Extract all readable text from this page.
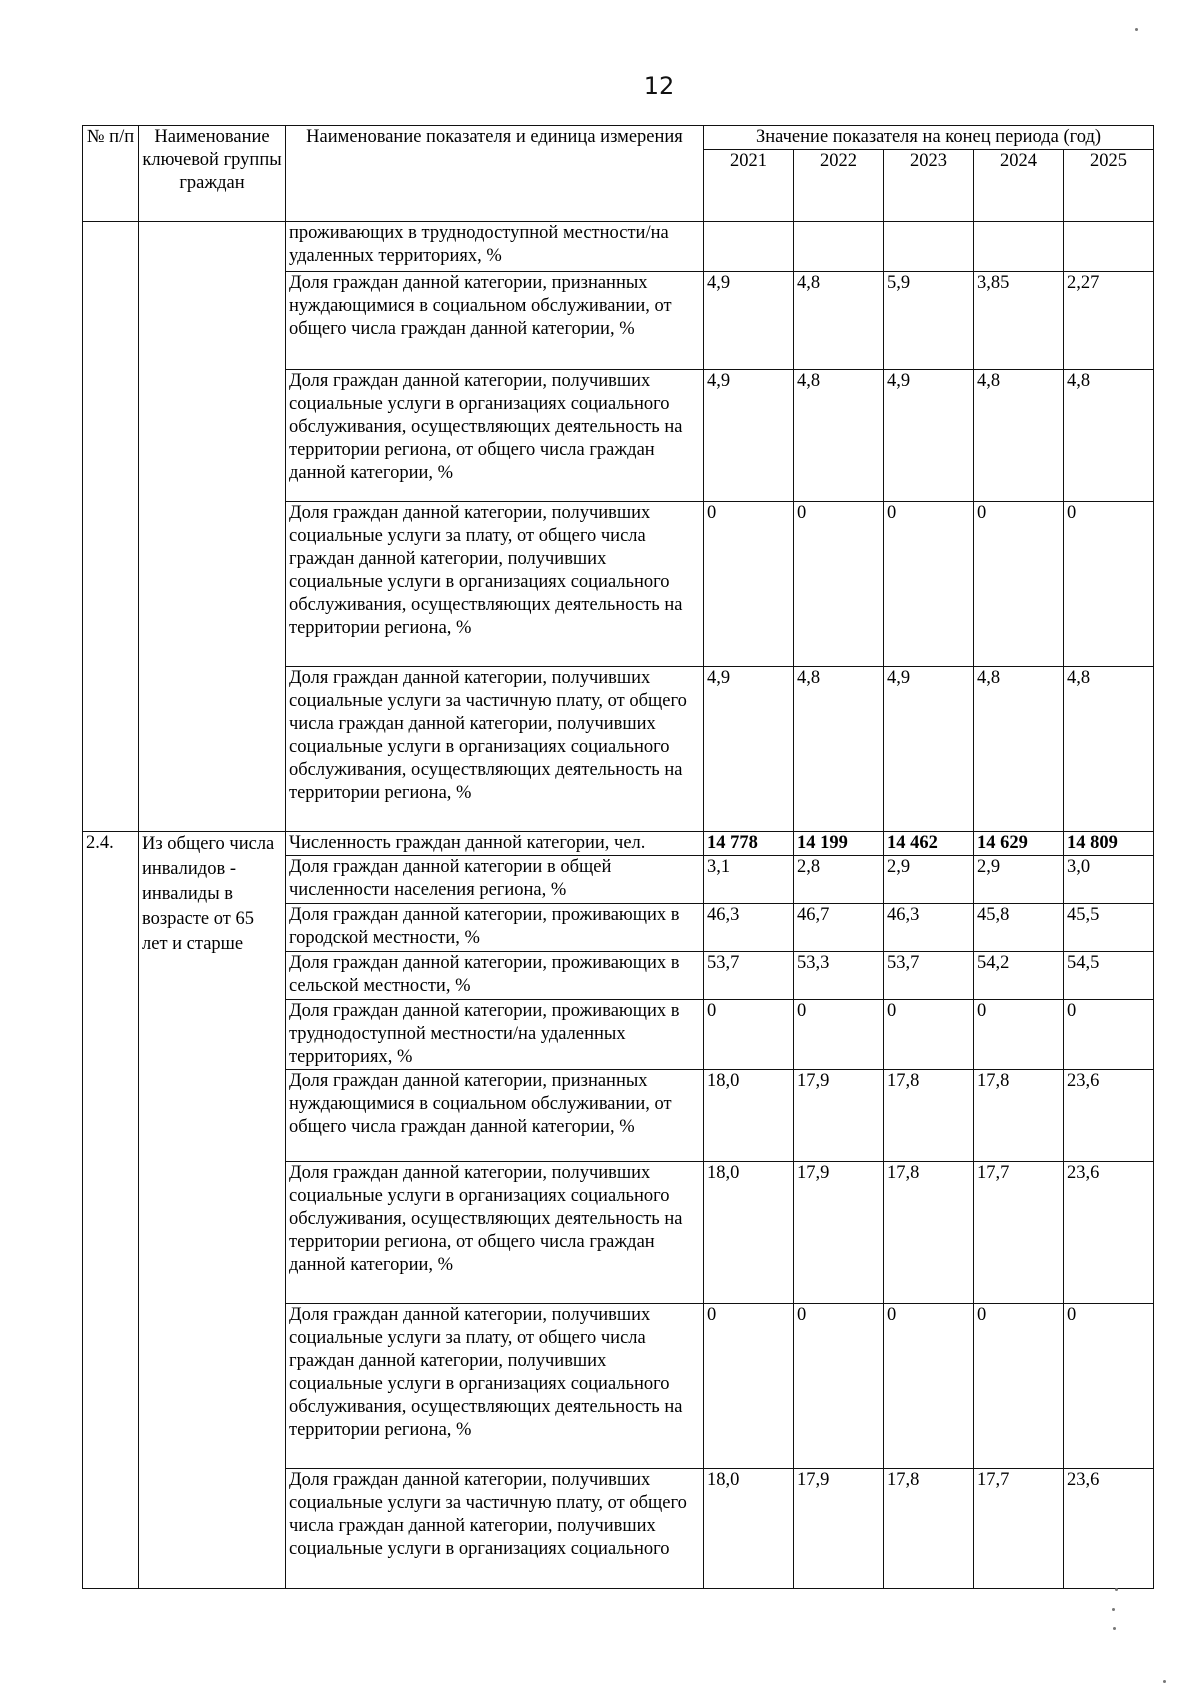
12
№ п/п	Наименование ключевой группы граждан	Наименование показателя и единица измерения	Значение показателя на конец периода (год)				
			2021	2022	2023	2024	2025
		проживающих в труднодоступной местности/на удаленных территориях, %					
		Доля граждан данной категории, признанных нуждающимися в социальном обслуживании, от общего числа граждан данной категории, %	4,9	4,8	5,9	3,85	2,27
		Доля граждан данной категории, получивших социальные услуги в организациях социального обслуживания, осуществляющих деятельность на территории региона, от общего числа граждан данной категории, %	4,9	4,8	4,9	4,8	4,8
		Доля граждан данной категории, получивших социальные услуги за плату, от общего числа граждан данной категории, получивших социальные услуги в организациях социального обслуживания, осуществляющих деятельность на территории региона, %	0	0	0	0	0
		Доля граждан данной категории, получивших социальные услуги за частичную плату, от общего числа граждан данной категории, получивших социальные услуги в организациях социального обслуживания, осуществляющих деятельность на территории региона, %	4,9	4,8	4,9	4,8	4,8
2.4.	Из общего числа инвалидов - инвалиды в возрасте от 65 лет и старше	Численность граждан данной категории, чел.	14 778	14 199	14 462	14 629	14 809
		Доля граждан данной категории в общей численности населения региона, %	3,1	2,8	2,9	2,9	3,0
		Доля граждан данной категории, проживающих в городской местности, %	46,3	46,7	46,3	45,8	45,5
		Доля граждан данной категории, проживающих в сельской местности, %	53,7	53,3	53,7	54,2	54,5
		Доля граждан данной категории, проживающих в труднодоступной местности/на удаленных территориях, %	0	0	0	0	0
		Доля граждан данной категории, признанных нуждающимися в социальном обслуживании, от общего числа граждан данной категории, %	18,0	17,9	17,8	17,8	23,6
		Доля граждан данной категории, получивших социальные услуги в организациях социального обслуживания, осуществляющих деятельность на территории региона, от общего числа граждан данной категории, %	18,0	17,9	17,8	17,7	23,6
		Доля граждан данной категории, получивших социальные услуги за плату, от общего числа граждан данной категории, получивших социальные услуги в организациях социального обслуживания, осуществляющих деятельность на территории региона, %	0	0	0	0	0
		Доля граждан данной категории, получивших социальные услуги за частичную плату, от общего числа граждан данной категории, получивших социальные услуги в организациях социального	18,0	17,9	17,8	17,7	23,6
